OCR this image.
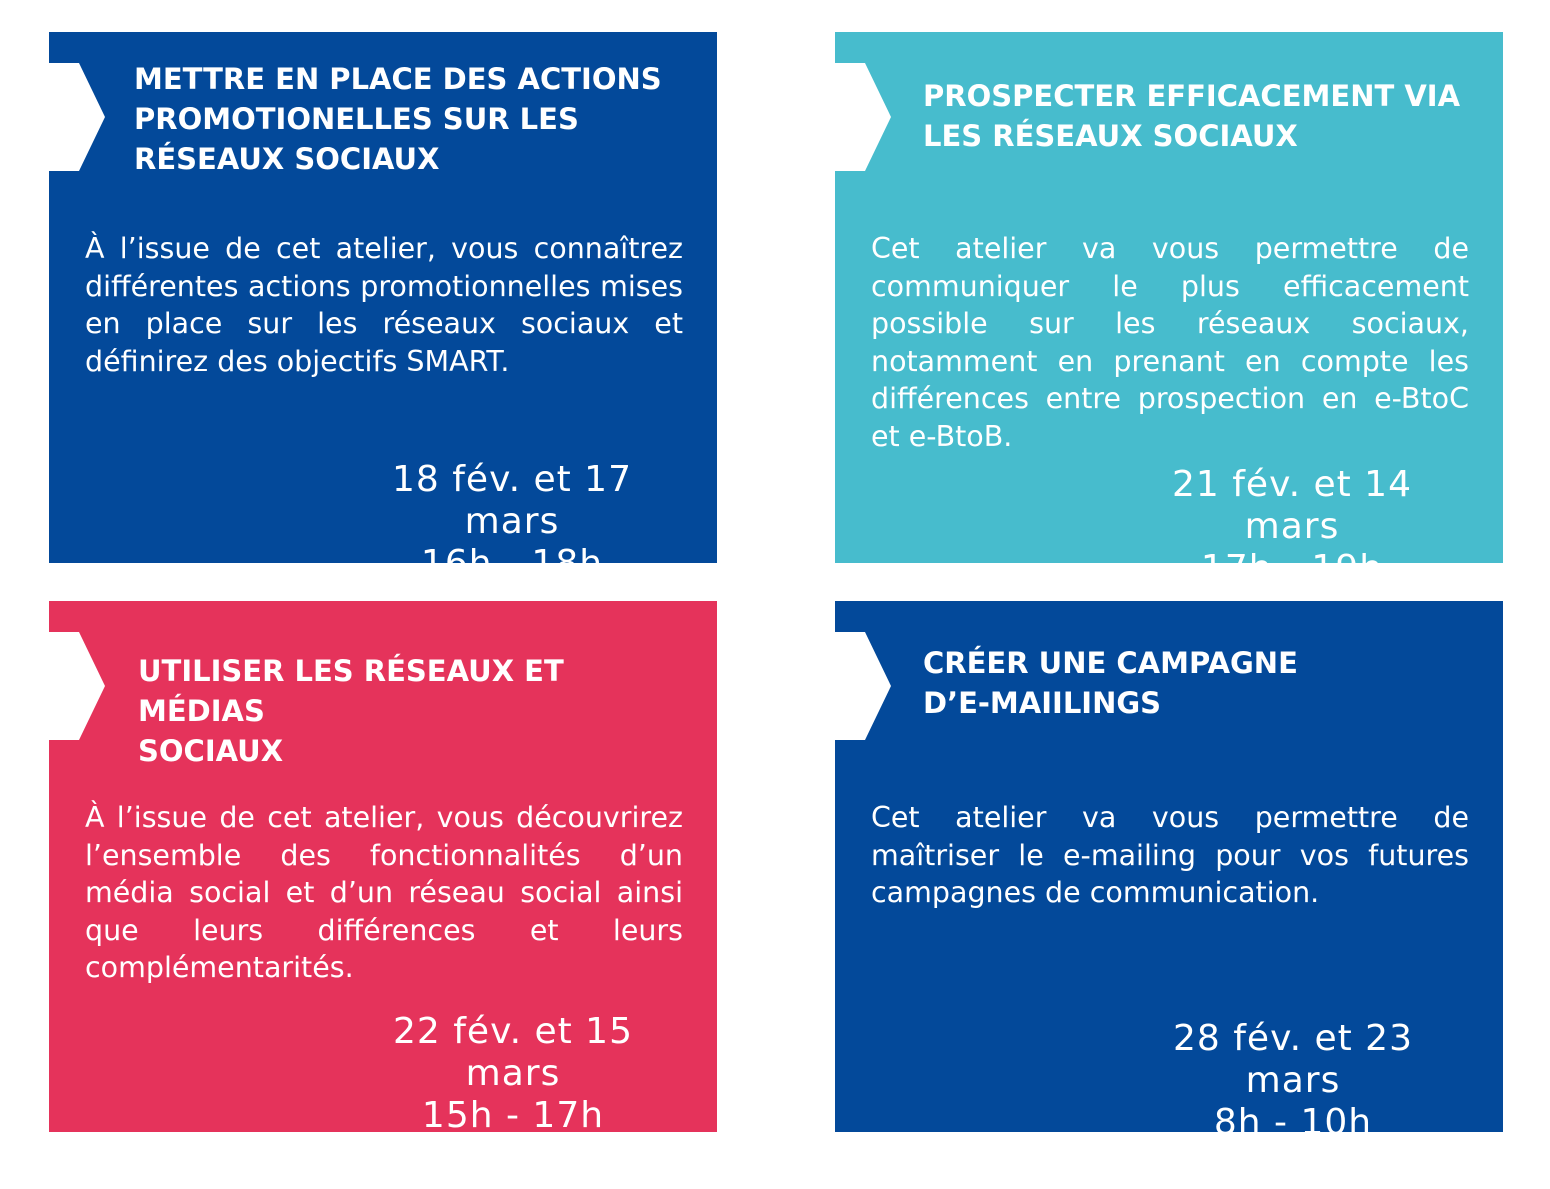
METTRE EN PLACE DES ACTIONS
PROMOTIONELLES SUR LES
RÉSEAUX SOCIAUX

À l’issue de cet atelier, vous connaîtrez différentes actions promotionnelles mises en place sur les réseaux sociaux et définirez des objectifs SMART.

18 fév. et 17 mars
16h - 18h
PROSPECTER EFFICACEMENT VIA
LES RÉSEAUX SOCIAUX

Cet atelier va vous permettre de communiquer le plus efficacement possible sur les réseaux sociaux, notamment en prenant en compte les différences entre prospection en e-BtoC et e-BtoB.

21 fév. et 14 mars
17h - 19h
UTILISER LES RÉSEAUX ET MÉDIAS
SOCIAUX

À l’issue de cet atelier, vous découvrirez l’ensemble des fonctionnalités d’un média social et d’un réseau social ainsi que leurs différences et leurs complémentarités.

22 fév. et 15 mars
15h - 17h
CRÉER UNE CAMPAGNE
D’E-MAIILINGS

Cet atelier va vous permettre de maîtriser le e-mailing pour vos futures campagnes de communication.

28 fév. et 23 mars
8h - 10h
